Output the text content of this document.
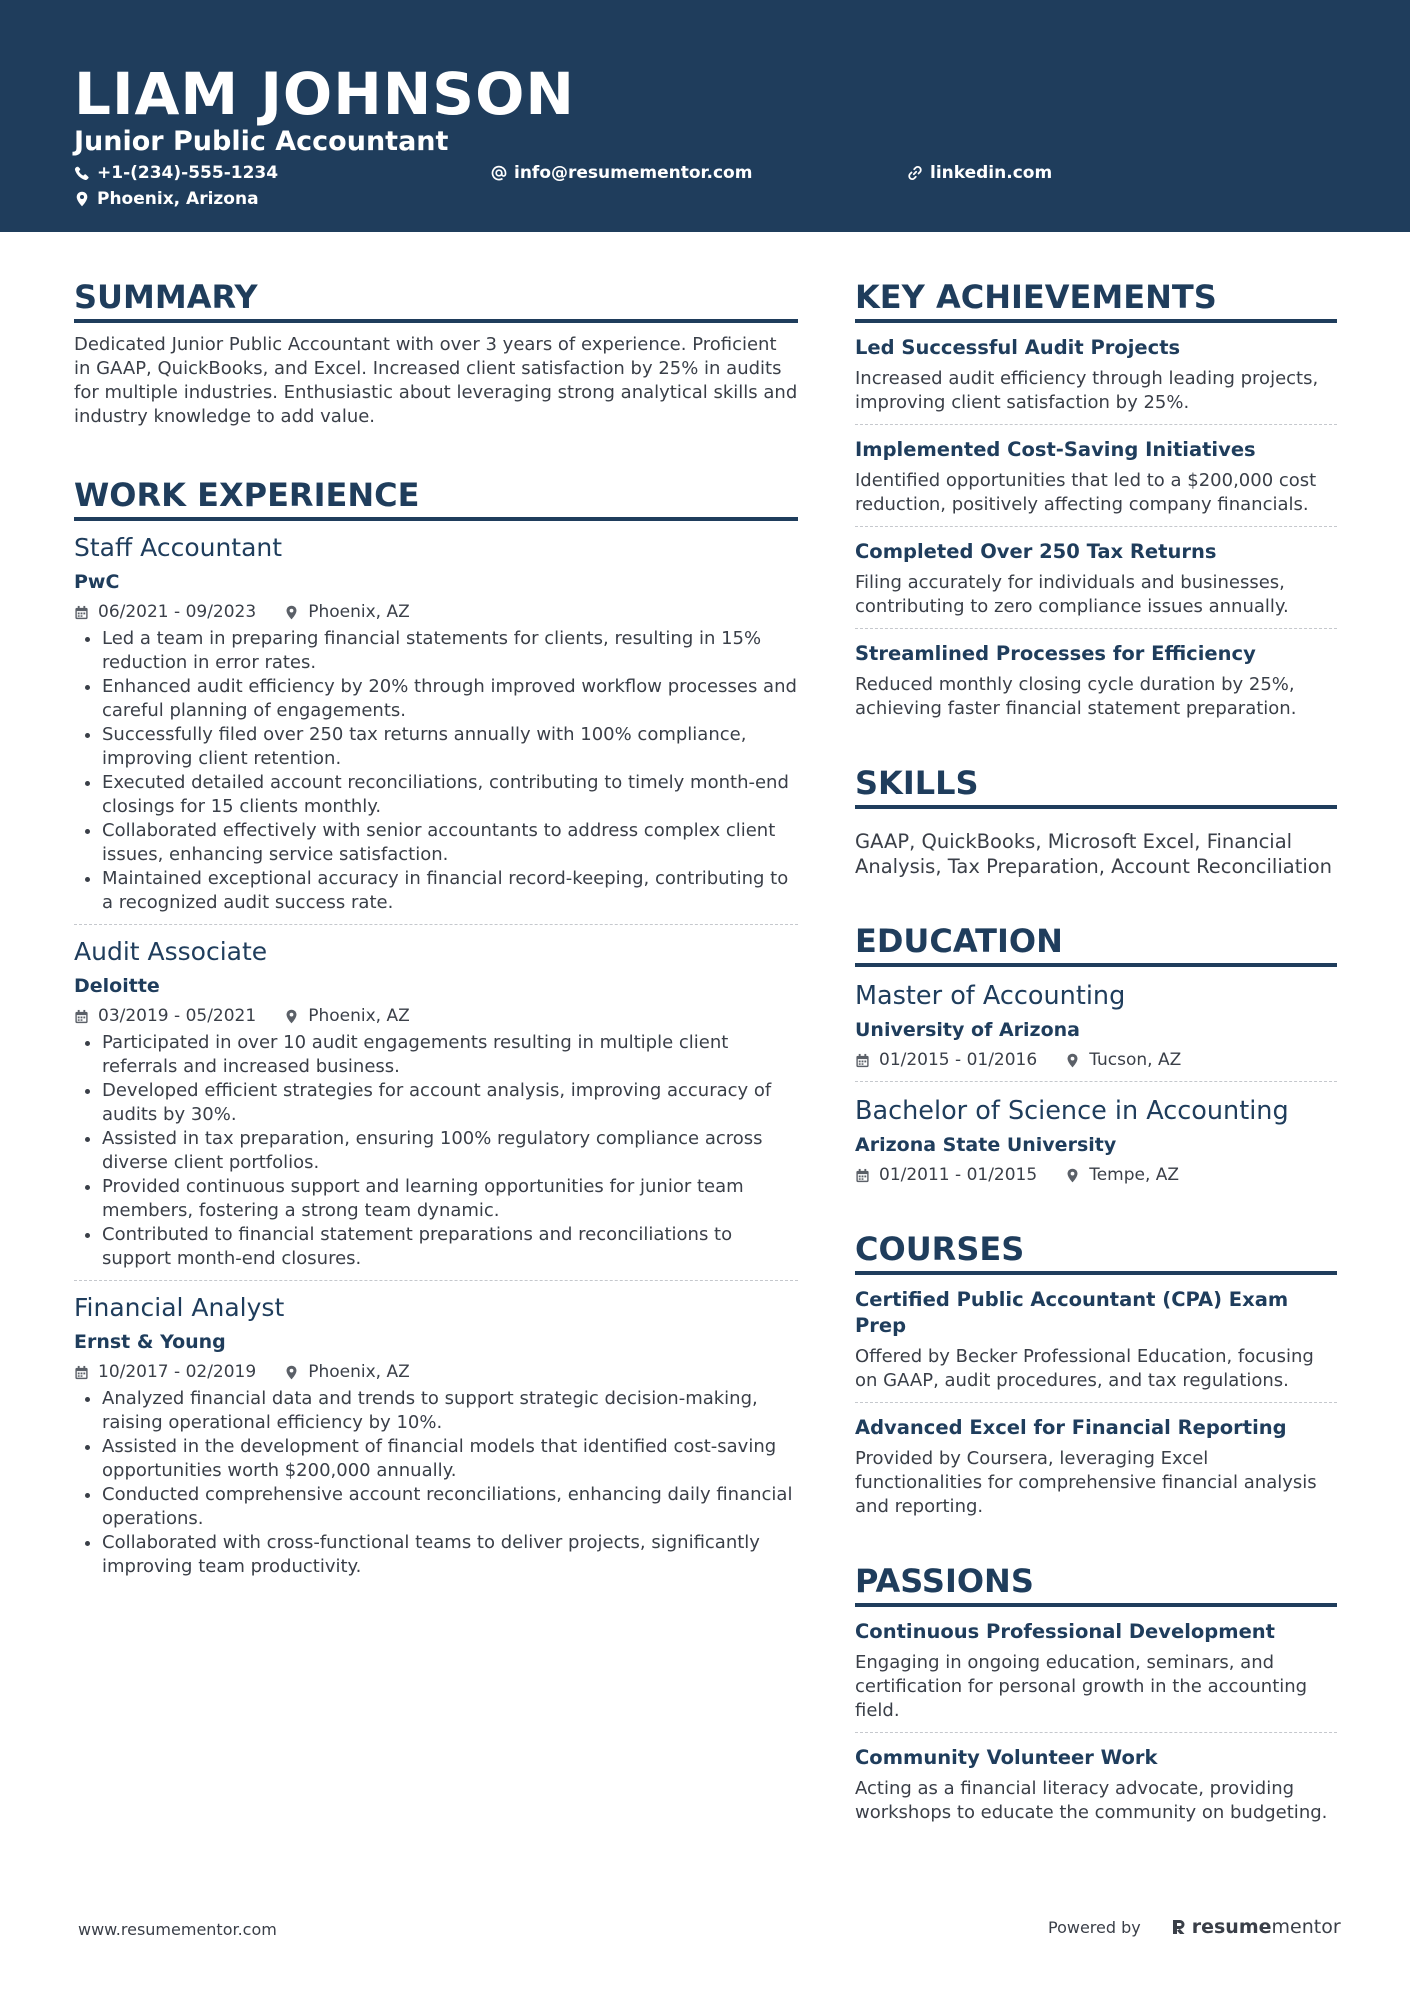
LIAM JOHNSON
Junior Public Accountant
+1-(234)-555-1234	info@resumementor.com	linkedin.com
Phoenix, Arizona
SUMMARY

Dedicated Junior Public Accountant with over 3 years of experience. Proficient in GAAP, QuickBooks, and Excel. Increased client satisfaction by 25% in audits for multiple industries. Enthusiastic about leveraging strong analytical skills and industry knowledge to add value.

WORK EXPERIENCE
Staff Accountant
PwC
06/2021 - 09/2023	Phoenix, AZ
• Led a team in preparing financial statements for clients, resulting in 15% reduction in error rates.
• Enhanced audit efficiency by 20% through improved workflow processes and careful planning of engagements.
• Successfully filed over 250 tax returns annually with 100% compliance, improving client retention.
• Executed detailed account reconciliations, contributing to timely month-end closings for 15 clients monthly.
• Collaborated effectively with senior accountants to address complex client issues, enhancing service satisfaction.
• Maintained exceptional accuracy in financial record-keeping, contributing to a recognized audit success rate.
Audit Associate
Deloitte
03/2019 - 05/2021	Phoenix, AZ
• Participated in over 10 audit engagements resulting in multiple client referrals and increased business.
• Developed efficient strategies for account analysis, improving accuracy of audits by 30%.
• Assisted in tax preparation, ensuring 100% regulatory compliance across diverse client portfolios.
• Provided continuous support and learning opportunities for junior team members, fostering a strong team dynamic.
• Contributed to financial statement preparations and reconciliations to support month-end closures.
Financial Analyst
Ernst & Young
10/2017 - 02/2019	Phoenix, AZ
• Analyzed financial data and trends to support strategic decision-making, raising operational efficiency by 10%.
• Assisted in the development of financial models that identified cost-saving opportunities worth $200,000 annually.
• Conducted comprehensive account reconciliations, enhancing daily financial operations.
• Collaborated with cross-functional teams to deliver projects, significantly improving team productivity.
KEY ACHIEVEMENTS
Led Successful Audit Projects
Increased audit efficiency through leading projects, improving client satisfaction by 25%.
Implemented Cost-Saving Initiatives
Identified opportunities that led to a $200,000 cost reduction, positively affecting company financials.
Completed Over 250 Tax Returns
Filing accurately for individuals and businesses, contributing to zero compliance issues annually.
Streamlined Processes for Efficiency
Reduced monthly closing cycle duration by 25%, achieving faster financial statement preparation.
SKILLS
GAAP, QuickBooks, Microsoft Excel, Financial Analysis, Tax Preparation, Account Reconciliation
EDUCATION
Master of Accounting
University of Arizona
01/2015 - 01/2016	Tucson, AZ
Bachelor of Science in Accounting
Arizona State University
01/2011 - 01/2015	Tempe, AZ
COURSES
Certified Public Accountant (CPA) Exam Prep
Offered by Becker Professional Education, focusing on GAAP, audit procedures, and tax regulations.
Advanced Excel for Financial Reporting
Provided by Coursera, leveraging Excel functionalities for comprehensive financial analysis and reporting.
PASSIONS
Continuous Professional Development
Engaging in ongoing education, seminars, and certification for personal growth in the accounting field.
Community Volunteer Work
Acting as a financial literacy advocate, providing workshops to educate the community on budgeting.
www.resumementor.com	Powered by	resume mentor
